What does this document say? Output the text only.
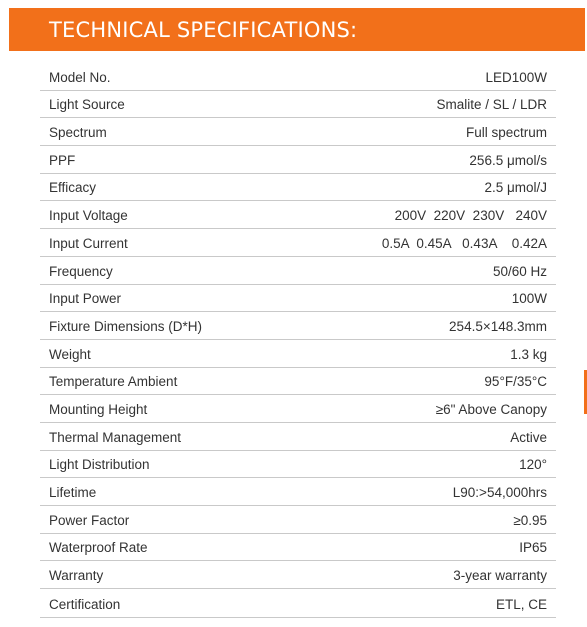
TECHNICAL SPECIFICATIONS:
Model No.	LED100W
Light Source	Smalite / SL / LDR
Spectrum	Full spectrum
PPF	256.5 μmol/s
Efficacy	2.5 μmol/J
Input Voltage	200V  220V  230V   240V
Input Current	0.5A  0.45A   0.43A    0.42A
Frequency	50/60 Hz
Input Power	100W
Fixture Dimensions (D*H)	254.5×148.3mm
Weight	1.3 kg
Temperature Ambient	95°F/35°C
Mounting Height	≥6" Above Canopy
Thermal Management	Active
Light Distribution	120°
Lifetime	L90:>54,000hrs
Power Factor	≥0.95
Waterproof Rate	IP65
Warranty	3-year warranty
Certification	ETL, CE
